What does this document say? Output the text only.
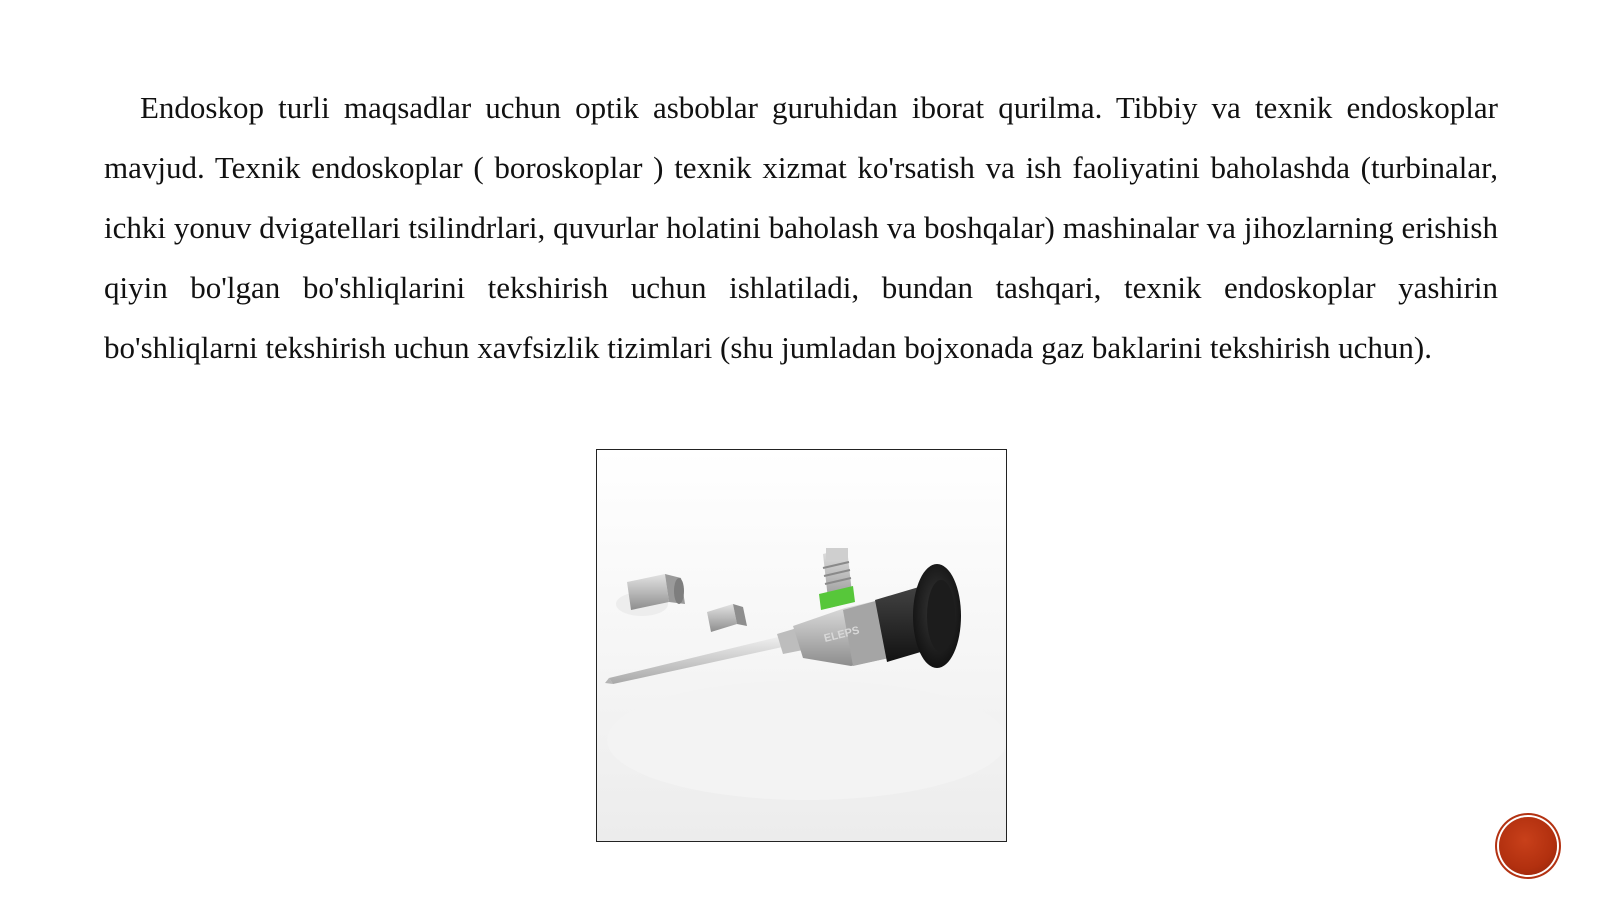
Endoskop turli maqsadlar uchun optik asboblar guruhidan iborat qurilma. Tibbiy va texnik endoskoplar mavjud. Texnik endoskoplar ( boroskoplar ) texnik xizmat ko'rsatish va ish faoliyatini baholashda (turbinalar, ichki yonuv dvigatellari tsilindrlari, quvurlar holatini baholash va boshqalar) mashinalar va jihozlarning erishish qiyin bo'lgan bo'shliqlarini tekshirish uchun ishlatiladi, bundan tashqari, texnik endoskoplar yashirin bo'shliqlarni tekshirish uchun xavfsizlik tizimlari (shu jumladan bojxonada gaz baklarini tekshirish uchun).

ELEPS
